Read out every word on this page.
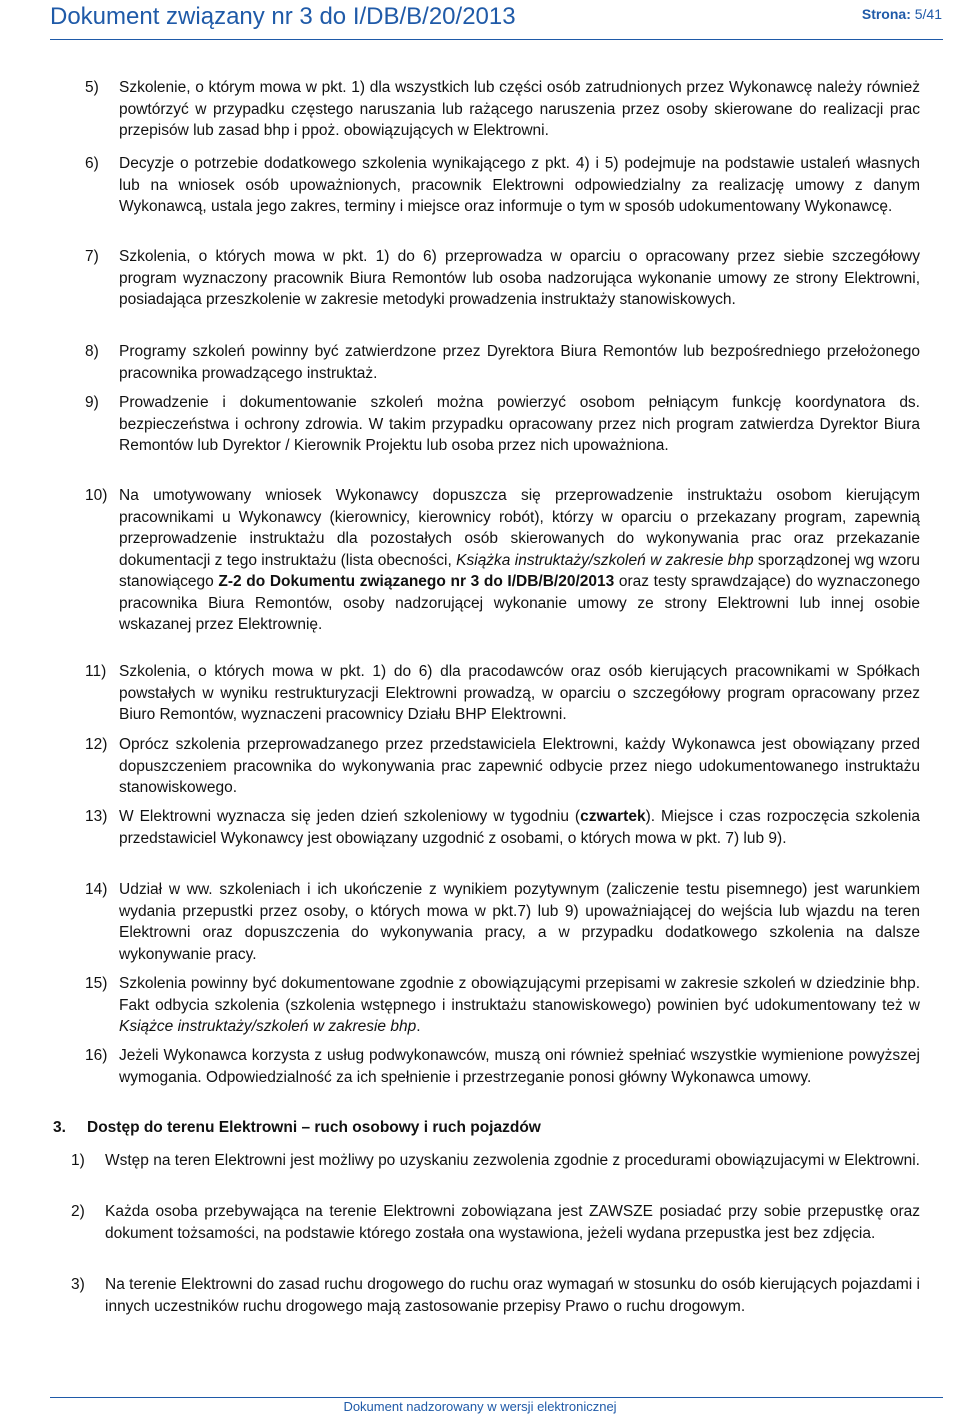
Dokument związany nr 3 do I/DB/B/20/2013	Strona: 5/41
5) Szkolenie, o którym mowa w pkt. 1) dla wszystkich lub części osób zatrudnionych przez Wykonawcę należy również powtórzyć w przypadku częstego naruszania lub rażącego naruszenia przez osoby skierowane do realizacji prac przepisów lub zasad bhp i ppoż. obowiązujących w Elektrowni.
6) Decyzje o potrzebie dodatkowego szkolenia wynikającego z pkt. 4) i 5) podejmuje na podstawie ustaleń własnych lub na wniosek osób upoważnionych, pracownik Elektrowni odpowiedzialny za realizację umowy z danym Wykonawcą, ustala jego zakres, terminy i miejsce oraz informuje o tym w sposób udokumentowany Wykonawcę.
7) Szkolenia, o których mowa w pkt. 1) do 6) przeprowadza w oparciu o opracowany przez siebie szczegółowy program wyznaczony pracownik Biura Remontów lub osoba nadzorująca wykonanie umowy ze strony Elektrowni, posiadająca przeszkolenie w zakresie metodyki prowadzenia instruktaży stanowiskowych.
8) Programy szkoleń powinny być zatwierdzone przez Dyrektora Biura Remontów lub bezpośredniego przełożonego pracownika prowadzącego instruktaż.
9) Prowadzenie i dokumentowanie szkoleń można powierzyć osobom pełniącym funkcję koordynatora ds. bezpieczeństwa i ochrony zdrowia. W takim przypadku opracowany przez nich program zatwierdza Dyrektor Biura Remontów lub Dyrektor / Kierownik Projektu lub osoba przez nich upoważniona.
10) Na umotywowany wniosek Wykonawcy dopuszcza się przeprowadzenie instruktażu osobom kierującym pracownikami u Wykonawcy (kierownicy, kierownicy robót), którzy w oparciu o przekazany program, zapewnią przeprowadzenie instruktażu dla pozostałych osób skierowanych do wykonywania prac oraz przekazanie dokumentacji z tego instruktażu (lista obecności, Książka instruktaży/szkoleń w zakresie bhp sporządzonej wg wzoru stanowiącego Z-2 do Dokumentu związanego nr 3 do I/DB/B/20/2013 oraz testy sprawdzające) do wyznaczonego pracownika Biura Remontów, osoby nadzorującej wykonanie umowy ze strony Elektrowni lub innej osobie wskazanej przez Elektrownię.
11) Szkolenia, o których mowa w pkt. 1) do 6) dla pracodawców oraz osób kierujących pracownikami w Spółkach powstałych w wyniku restrukturyzacji Elektrowni prowadzą, w oparciu o szczegółowy program opracowany przez Biuro Remontów, wyznaczeni pracownicy Działu BHP Elektrowni.
12) Oprócz szkolenia przeprowadzanego przez przedstawiciela Elektrowni, każdy Wykonawca jest obowiązany przed dopuszczeniem pracownika do wykonywania prac zapewnić odbycie przez niego udokumentowanego instruktażu stanowiskowego.
13) W Elektrowni wyznacza się jeden dzień szkoleniowy w tygodniu (czwartek). Miejsce i czas rozpoczęcia szkolenia przedstawiciel Wykonawcy jest obowiązany uzgodnić z osobami, o których mowa w pkt. 7) lub 9).
14) Udział w ww. szkoleniach i ich ukończenie z wynikiem pozytywnym (zaliczenie testu pisemnego) jest warunkiem wydania przepustki przez osoby, o których mowa w pkt.7) lub 9) upoważniającej do wejścia lub wjazdu na teren Elektrowni oraz dopuszczenia do wykonywania pracy, a w przypadku dodatkowego szkolenia na dalsze wykonywanie pracy.
15) Szkolenia powinny być dokumentowane zgodnie z obowiązującymi przepisami w zakresie szkoleń w dziedzinie bhp. Fakt odbycia szkolenia (szkolenia wstępnego i instruktażu stanowiskowego) powinien być udokumentowany też w Książce instruktaży/szkoleń w zakresie bhp.
16) Jeżeli Wykonawca korzysta z usług podwykonawców, muszą oni również spełniać wszystkie wymienione powyższej wymogania. Odpowiedzialność za ich spełnienie i przestrzeganie ponosi główny Wykonawca umowy.
3. Dostęp do terenu Elektrowni – ruch osobowy i ruch pojazdów
1) Wstęp na teren Elektrowni jest możliwy po uzyskaniu zezwolenia zgodnie z procedurami obowiązujacymi w Elektrowni.
2) Każda osoba przebywająca na terenie Elektrowni zobowiązana jest ZAWSZE posiadać przy sobie przepustkę oraz dokument tożsamości, na podstawie którego została ona wystawiona, jeżeli wydana przepustka jest bez zdjęcia.
3) Na terenie Elektrowni do zasad ruchu drogowego do ruchu oraz wymagań w stosunku do osób kierujących pojazdami i innych uczestników ruchu drogowego mają zastosowanie przepisy Prawo o ruchu drogowym.
Dokument nadzorowany w wersji elektronicznej
